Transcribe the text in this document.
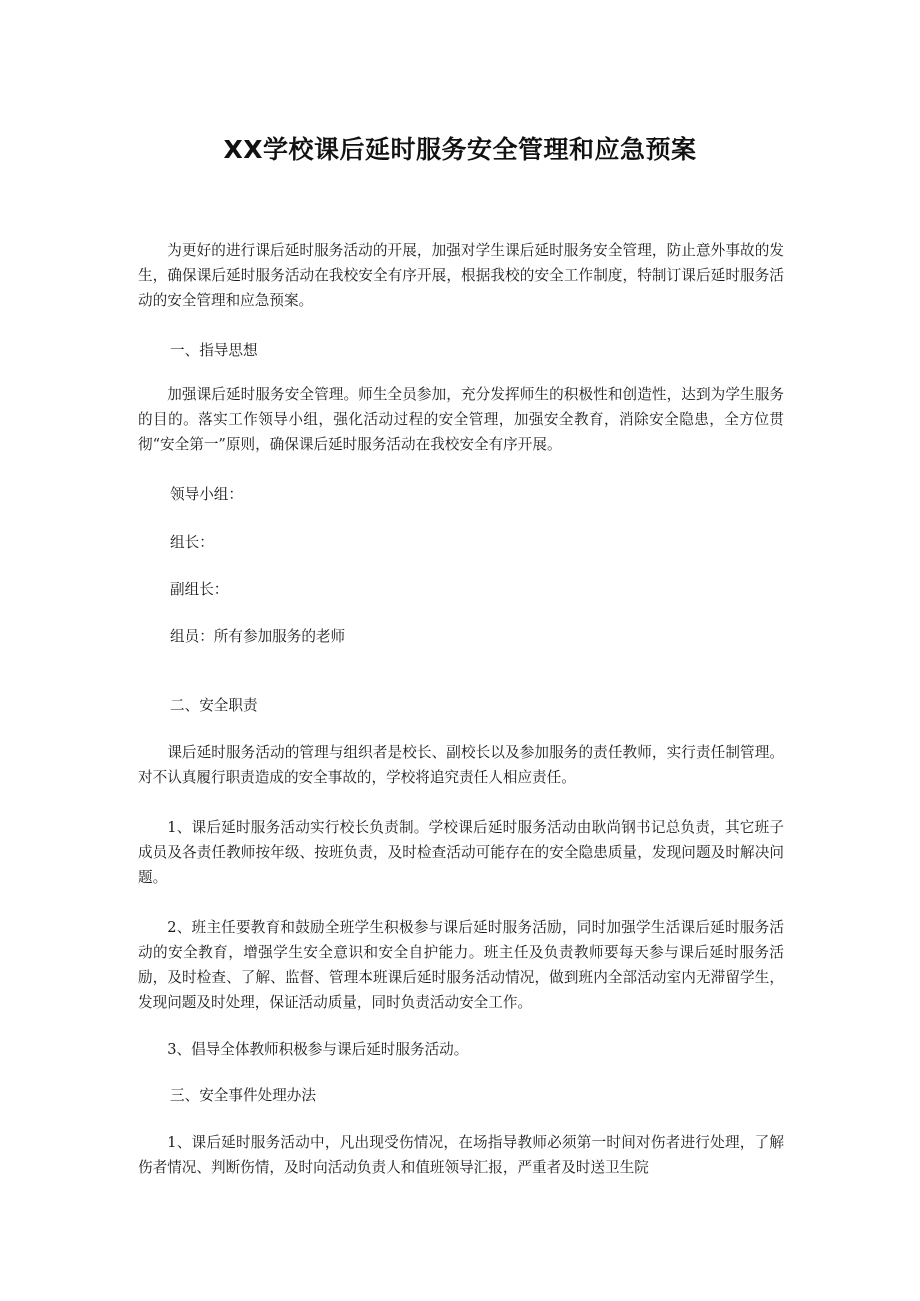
XX学校课后延时服务安全管理和应急预案

为更好的进行课后延时服务活动的开展，加强对学生课后延时服务安全管理，防止意外事故的发生，确保课后延时服务活动在我校安全有序开展，根据我校的安全工作制度，特制订课后延时服务活动的安全管理和应急预案。

一、指导思想

加强课后延时服务安全管理。师生全员参加，充分发挥师生的积极性和创造性，达到为学生服务的目的。落实工作领导小组，强化活动过程的安全管理，加强安全教育，消除安全隐患，全方位贯彻“安全第一”原则，确保课后延时服务活动在我校安全有序开展。

领导小组：

组长：

副组长：

组员：所有参加服务的老师

二、安全职责

课后延时服务活动的管理与组织者是校长、副校长以及参加服务的责任教师，实行责任制管理。对不认真履行职责造成的安全事故的，学校将追究责任人相应责任。

1、课后延时服务活动实行校长负责制。学校课后延时服务活动由耿尚钢书记总负责，其它班子成员及各责任教师按年级、按班负责，及时检查活动可能存在的安全隐患质量，发现问题及时解决问题。

2、班主任要教育和鼓励全班学生积极参与课后延时服务活励，同时加强学生活课后延时服务活动的安全教育，增强学生安全意识和安全自护能力。班主任及负责教师要每天参与课后延时服务活励，及时检查、了解、监督、管理本班课后延时服务活动情况，做到班内全部活动室内无滞留学生，发现问题及时处理，保证活动质量，同时负责活动安全工作。

3、倡导全体教师积极参与课后延时服务活动。

三、安全事件处理办法

1、课后延时服务活动中，凡出现受伤情况，在场指导教师必须第一时间对伤者进行处理，了解伤者情况、判断伤情，及时向活动负责人和值班领导汇报，严重者及时送卫生院
